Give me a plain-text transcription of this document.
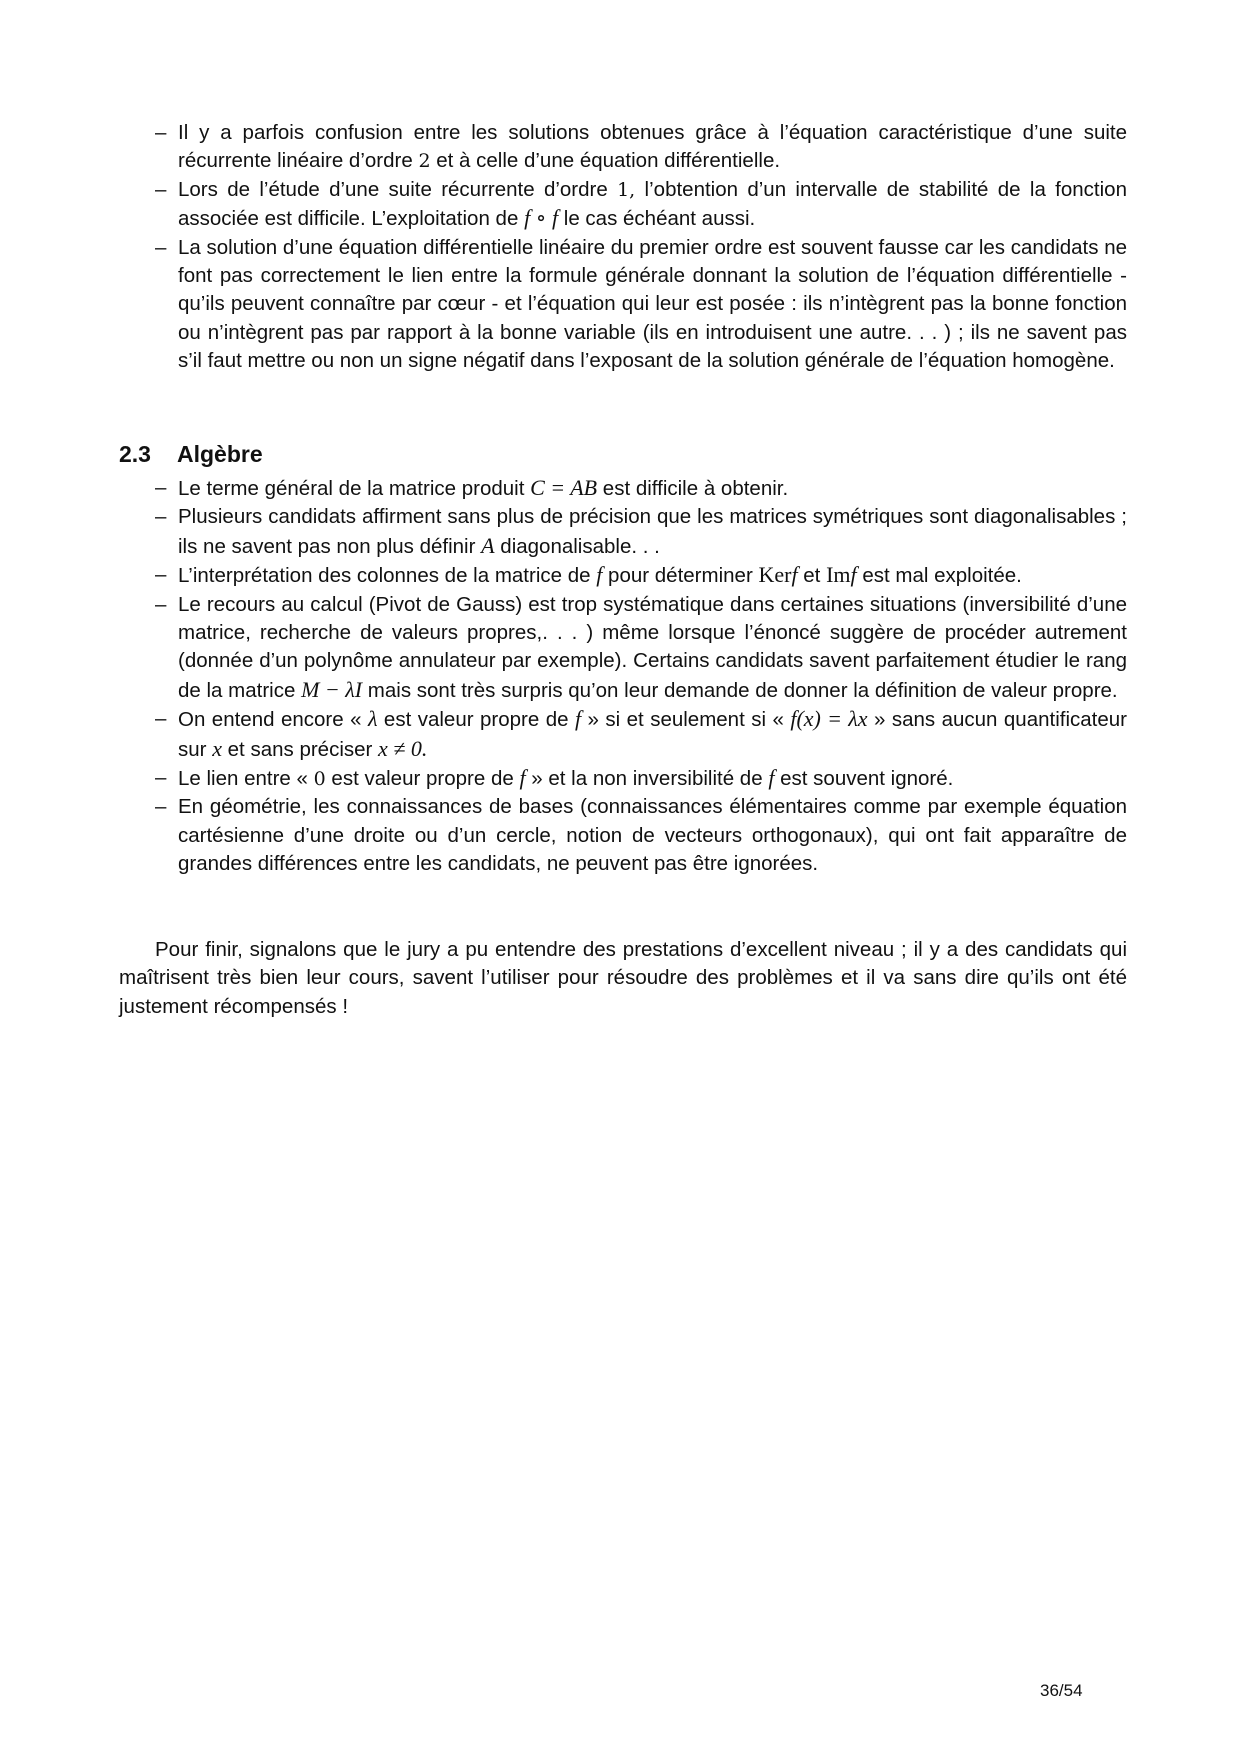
– Il y a parfois confusion entre les solutions obtenues grâce à l’équation caractéristique d’une suite récurrente linéaire d’ordre 2 et à celle d’une équation différentielle.
– Lors de l’étude d’une suite récurrente d’ordre 1, l’obtention d’un intervalle de stabilité de la fonction associée est difficile. L’exploitation de f ∘ f le cas échéant aussi.
– La solution d’une équation différentielle linéaire du premier ordre est souvent fausse car les candidats ne font pas correctement le lien entre la formule générale donnant la solution de l’équation différentielle - qu’ils peuvent connaître par cœur - et l’équation qui leur est posée : ils n’intègrent pas la bonne fonction ou n’intègrent pas par rapport à la bonne variable (ils en introduisent une autre. . . ) ; ils ne savent pas s’il faut mettre ou non un signe négatif dans l’exposant de la solution générale de l’équation homogène.
2.3 Algèbre
– Le terme général de la matrice produit C = AB est difficile à obtenir.
– Plusieurs candidats affirment sans plus de précision que les matrices symétriques sont diagonalisables ; ils ne savent pas non plus définir A diagonalisable. . .
– L’interprétation des colonnes de la matrice de f pour déterminer Kerf et Imf est mal exploitée.
– Le recours au calcul (Pivot de Gauss) est trop systématique dans certaines situations (inversibilité d’une matrice, recherche de valeurs propres,. . . ) même lorsque l’énoncé suggère de procéder autrement (donnée d’un polynôme annulateur par exemple). Certains candidats savent parfaitement étudier le rang de la matrice M − λI mais sont très surpris qu’on leur demande de donner la définition de valeur propre.
– On entend encore « λ est valeur propre de f » si et seulement si « f(x) = λx » sans aucun quantificateur sur x et sans préciser x ≠ 0.
– Le lien entre « 0 est valeur propre de f » et la non inversibilité de f est souvent ignoré.
– En géométrie, les connaissances de bases (connaissances élémentaires comme par exemple équation cartésienne d’une droite ou d’un cercle, notion de vecteurs orthogonaux), qui ont fait apparaître de grandes différences entre les candidats, ne peuvent pas être ignorées.

Pour finir, signalons que le jury a pu entendre des prestations d’excellent niveau ; il y a des candidats qui maîtrisent très bien leur cours, savent l’utiliser pour résoudre des problèmes et il va sans dire qu’ils ont été justement récompensés !

36/54
